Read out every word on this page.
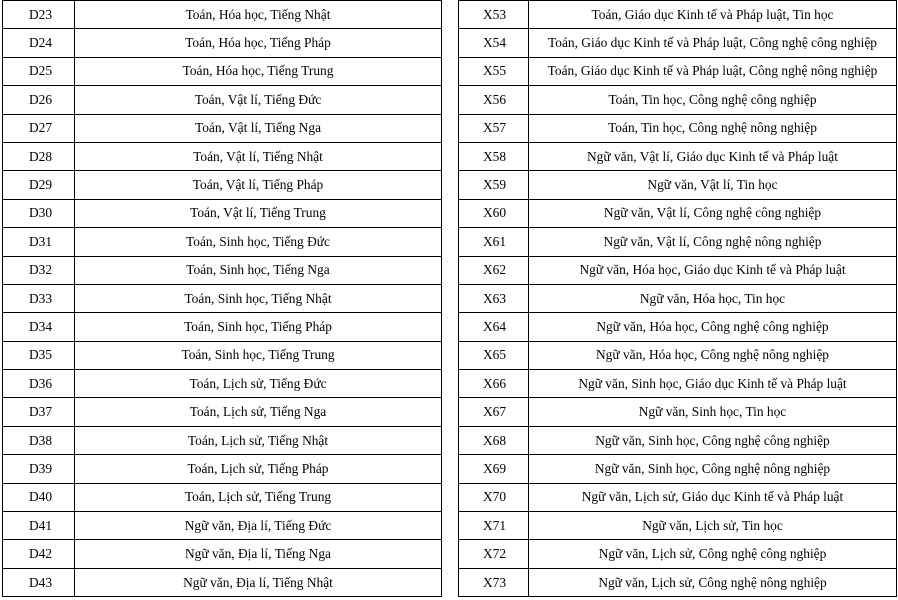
D23	Toán, Hóa học, Tiếng Nhật
D24	Toán, Hóa học, Tiếng Pháp
D25	Toán, Hóa học, Tiếng Trung
D26	Toán, Vật lí, Tiếng Đức
D27	Toán, Vật lí, Tiếng Nga
D28	Toán, Vật lí, Tiếng Nhật
D29	Toán, Vật lí, Tiếng Pháp
D30	Toán, Vật lí, Tiếng Trung
D31	Toán, Sinh học, Tiếng Đức
D32	Toán, Sinh học, Tiếng Nga
D33	Toán, Sinh học, Tiếng Nhật
D34	Toán, Sinh học, Tiếng Pháp
D35	Toán, Sinh học, Tiếng Trung
D36	Toán, Lịch sử, Tiếng Đức
D37	Toán, Lịch sử, Tiếng Nga
D38	Toán, Lịch sử, Tiếng Nhật
D39	Toán, Lịch sử, Tiếng Pháp
D40	Toán, Lịch sử, Tiếng Trung
D41	Ngữ văn, Địa lí, Tiếng Đức
D42	Ngữ văn, Địa lí, Tiếng Nga
D43	Ngữ văn, Địa lí, Tiếng Nhật
X53	Toán, Giáo dục Kinh tế và Pháp luật, Tin học
X54	Toán, Giáo dục Kinh tế và Pháp luật, Công nghệ công nghiệp
X55	Toán, Giáo dục Kinh tế và Pháp luật, Công nghệ nông nghiệp
X56	Toán, Tin học, Công nghệ công nghiệp
X57	Toán, Tin học, Công nghệ nông nghiệp
X58	Ngữ văn, Vật lí, Giáo dục Kinh tế và Pháp luật
X59	Ngữ văn, Vật lí, Tin học
X60	Ngữ văn, Vật lí, Công nghệ công nghiệp
X61	Ngữ văn, Vật lí, Công nghệ nông nghiệp
X62	Ngữ văn, Hóa học, Giáo dục Kinh tế và Pháp luật
X63	Ngữ văn, Hóa học, Tin học
X64	Ngữ văn, Hóa học, Công nghệ công nghiệp
X65	Ngữ văn, Hóa học, Công nghệ nông nghiệp
X66	Ngữ văn, Sinh học, Giáo dục Kinh tế và Pháp luật
X67	Ngữ văn, Sinh học, Tin học
X68	Ngữ văn, Sinh học, Công nghệ công nghiệp
X69	Ngữ văn, Sinh học, Công nghệ nông nghiệp
X70	Ngữ văn, Lịch sử, Giáo dục Kinh tế và Pháp luật
X71	Ngữ văn, Lịch sử, Tin học
X72	Ngữ văn, Lịch sử, Công nghệ công nghiệp
X73	Ngữ văn, Lịch sử, Công nghệ nông nghiệp
